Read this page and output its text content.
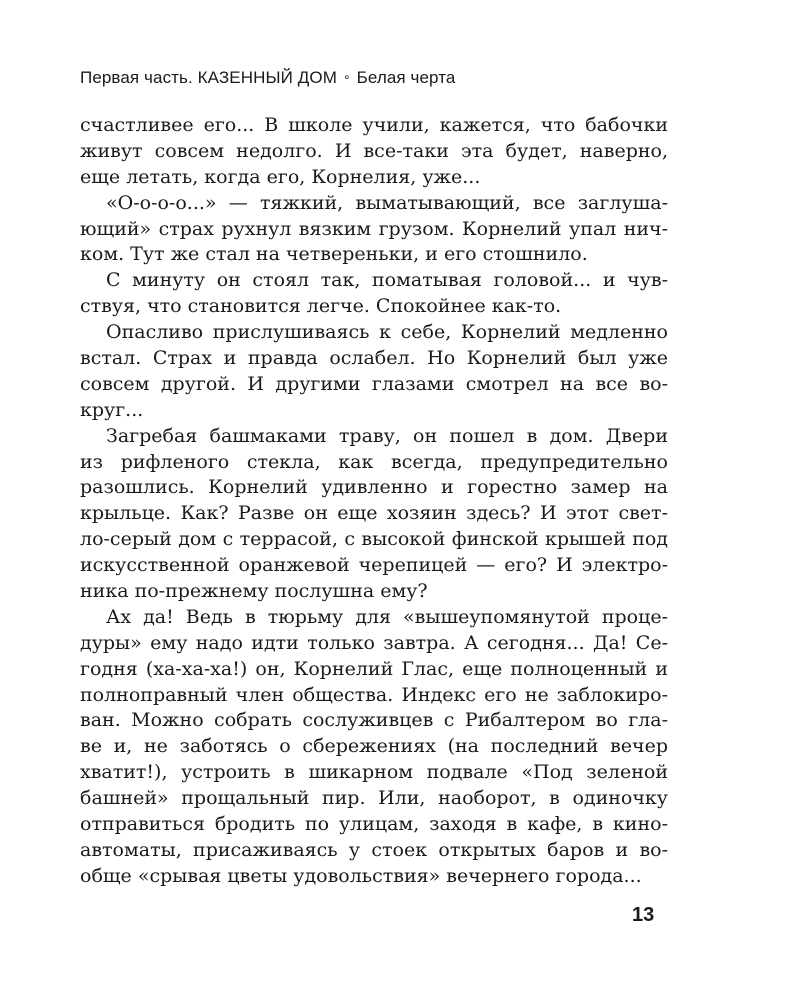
Первая часть. КАЗЕННЫЙ ДОМ ∘ Белая черта
счастливее его... В школе учили, кажется, что бабочки
живут совсем недолго. И все-таки эта будет, наверно,
еще летать, когда его, Корнелия, уже...
«О-о-о-о...» — тяжкий, выматывающий, все заглуша-
ющий» страх рухнул вязким грузом. Корнелий упал нич-
ком. Тут же стал на четвереньки, и его стошнило.
С минуту он стоял так, поматывая головой... и чув-
ствуя, что становится легче. Спокойнее как-то.
Опасливо прислушиваясь к себе, Корнелий медленно
встал. Страх и правда ослабел. Но Корнелий был уже
совсем другой. И другими глазами смотрел на все во-
круг...
Загребая башмаками траву, он пошел в дом. Двери
из рифленого стекла, как всегда, предупредительно
разошлись. Корнелий удивленно и горестно замер на
крыльце. Как? Разве он еще хозяин здесь? И этот свет-
ло-серый дом с террасой, с высокой финской крышей под
искусственной оранжевой черепицей — его? И электро-
ника по-прежнему послушна ему?
Ах да! Ведь в тюрьму для «вышеупомянутой проце-
дуры» ему надо идти только завтра. А сегодня... Да! Се-
годня (ха-ха-ха!) он, Корнелий Глас, еще полноценный и
полноправный член общества. Индекс его не заблокиро-
ван. Можно собрать сослуживцев с Рибалтером во гла-
ве и, не заботясь о сбережениях (на последний вечер
хватит!), устроить в шикарном подвале «Под зеленой
башней» прощальный пир. Или, наоборот, в одиночку
отправиться бродить по улицам, заходя в кафе, в кино-
автоматы, присаживаясь у стоек открытых баров и во-
обще «срывая цветы удовольствия» вечернего города...
13
